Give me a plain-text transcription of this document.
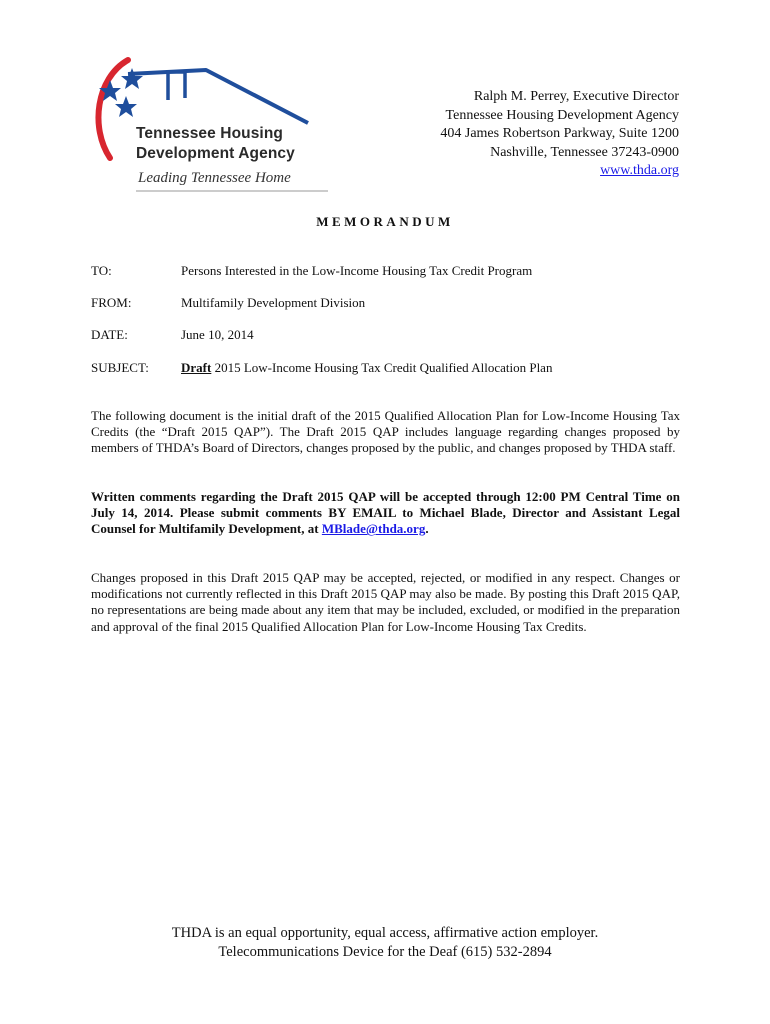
Tennessee Housing
Development Agency
Leading Tennessee Home
Ralph M. Perrey, Executive Director
Tennessee Housing Development Agency
404 James Robertson Parkway, Suite 1200
Nashville, Tennessee 37243-0900
www.thda.org
MEMORANDUM
TO:	Persons Interested in the Low-Income Housing Tax Credit Program
FROM:	Multifamily Development Division
DATE:	June 10, 2014
SUBJECT:	Draft 2015 Low-Income Housing Tax Credit Qualified Allocation Plan
The following document is the initial draft of the 2015 Qualified Allocation Plan for Low-Income Housing Tax Credits (the “Draft 2015 QAP”). The Draft 2015 QAP includes language regarding changes proposed by members of THDA’s Board of Directors, changes proposed by the public, and changes proposed by THDA staff.
Written comments regarding the Draft 2015 QAP will be accepted through 12:00 PM Central Time on July 14, 2014. Please submit comments BY EMAIL to Michael Blade, Director and Assistant Legal Counsel for Multifamily Development, at MBlade@thda.org.
Changes proposed in this Draft 2015 QAP may be accepted, rejected, or modified in any respect. Changes or modifications not currently reflected in this Draft 2015 QAP may also be made. By posting this Draft 2015 QAP, no representations are being made about any item that may be included, excluded, or modified in the preparation and approval of the final 2015 Qualified Allocation Plan for Low-Income Housing Tax Credits.
THDA is an equal opportunity, equal access, affirmative action employer.
Telecommunications Device for the Deaf (615) 532-2894
